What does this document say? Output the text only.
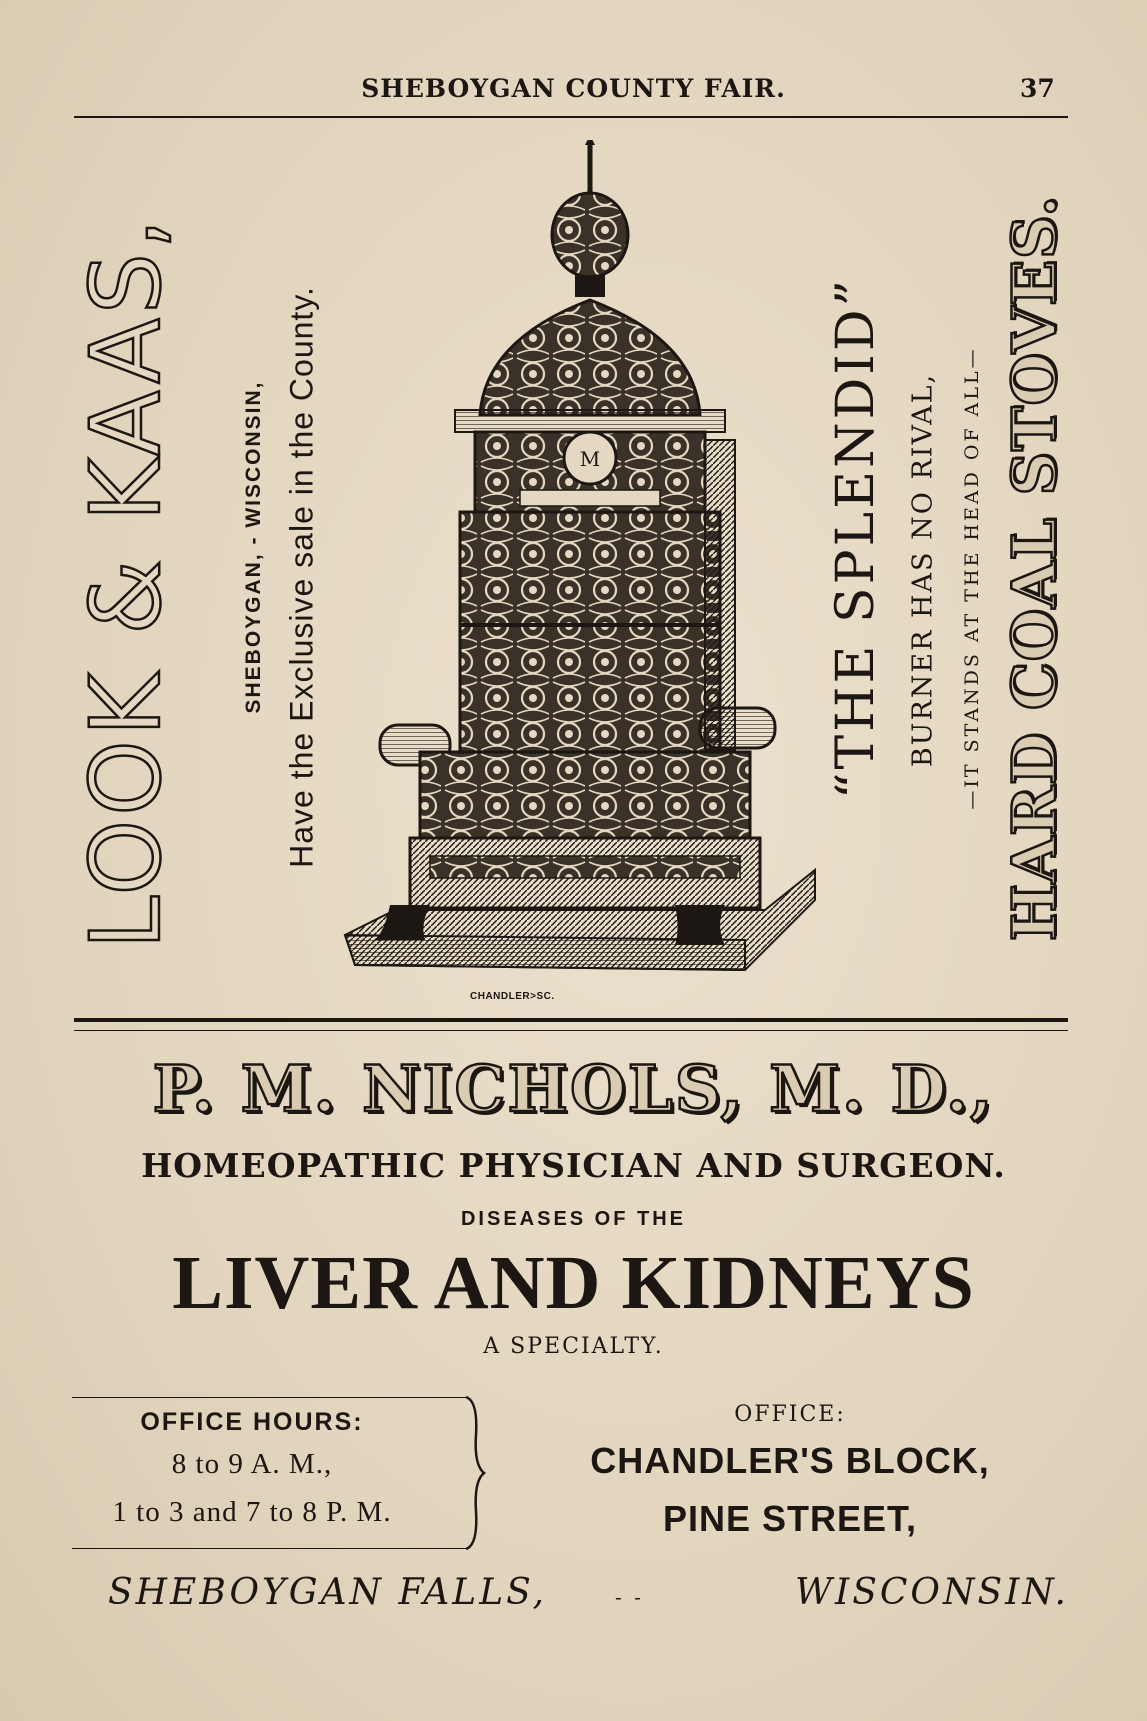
SHEBOYGAN COUNTY FAIR.	37
LOOK & KAAS,	SHEBOYGAN, - WISCONSIN, Have the Exclusive sale in the County.	M
CHANDLER>SC.
“THE SPLENDID” BURNER HAS NO RIVAL, —IT STANDS AT THE HEAD OF ALL— HARD COAL STOVES.
P. M. NICHOLS, M. D.,
HOMEOPATHIC PHYSICIAN AND SURGEON.
DISEASES OF THE
LIVER AND KIDNEYS
A SPECIALTY.
OFFICE HOURS:
8 to 9 A. M.,
1 to 3 and 7 to 8 P. M.
OFFICE:
CHANDLER'S BLOCK,
PINE STREET,
SHEBOYGAN FALLS,	- -	WISCONSIN.
